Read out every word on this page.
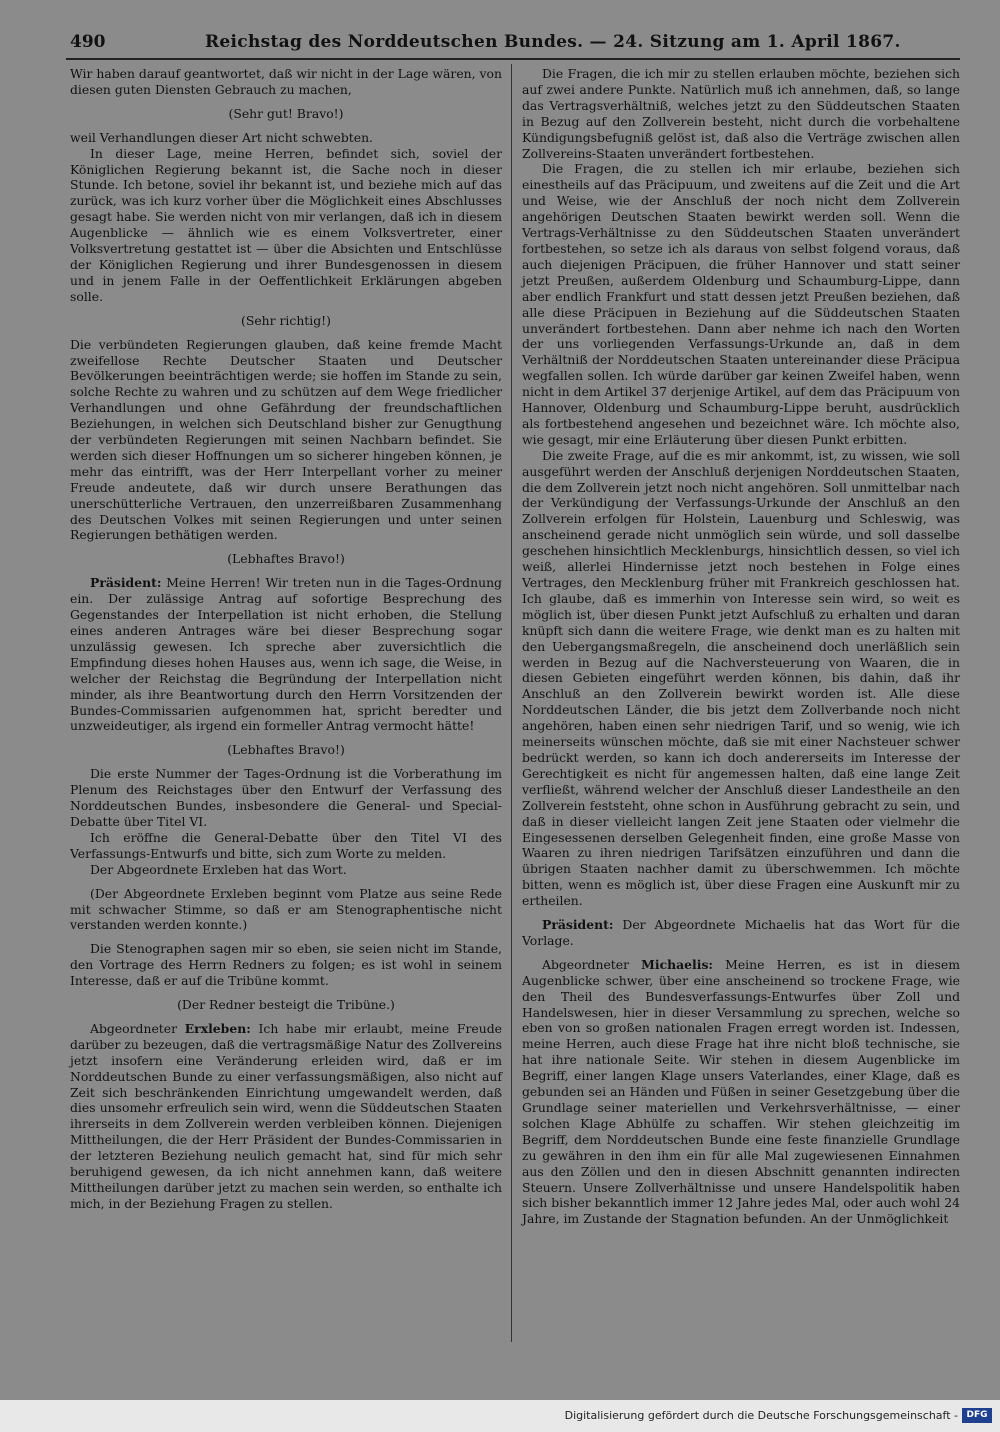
490	Reichstag des Norddeutschen Bundes. — 24. Sitzung am 1. April 1867.

Wir haben darauf geantwortet, daß wir nicht in der Lage wären, von diesen guten Diensten Gebrauch zu machen,

(Sehr gut! Bravo!)

weil Verhandlungen dieser Art nicht schwebten.

In dieser Lage, meine Herren, befindet sich, soviel der Königlichen Regierung bekannt ist, die Sache noch in dieser Stunde. Ich betone, soviel ihr bekannt ist, und beziehe mich auf das zurück, was ich kurz vorher über die Möglichkeit eines Abschlusses gesagt habe. Sie werden nicht von mir verlangen, daß ich in diesem Augenblicke — ähnlich wie es einem Volksvertreter, einer Volksvertretung gestattet ist — über die Absichten und Entschlüsse der Königlichen Regierung und ihrer Bundesgenossen in diesem und in jenem Falle in der Oeffentlichkeit Erklärungen abgeben solle.

(Sehr richtig!)

Die verbündeten Regierungen glauben, daß keine fremde Macht zweifellose Rechte Deutscher Staaten und Deutscher Bevölkerungen beeinträchtigen werde; sie hoffen im Stande zu sein, solche Rechte zu wahren und zu schützen auf dem Wege friedlicher Verhandlungen und ohne Gefährdung der freundschaftlichen Beziehungen, in welchen sich Deutschland bisher zur Genugthung der verbündeten Regierungen mit seinen Nachbarn befindet. Sie werden sich dieser Hoffnungen um so sicherer hingeben können, je mehr das eintrifft, was der Herr Interpellant vorher zu meiner Freude andeutete, daß wir durch unsere Berathungen das unerschütterliche Vertrauen, den unzerreißbaren Zusammenhang des Deutschen Volkes mit seinen Regierungen und unter seinen Regierungen bethätigen werden.

(Lebhaftes Bravo!)

Präsident: Meine Herren! Wir treten nun in die Tages-Ordnung ein. Der zulässige Antrag auf sofortige Besprechung des Gegenstandes der Interpellation ist nicht erhoben, die Stellung eines anderen Antrages wäre bei dieser Besprechung sogar unzulässig gewesen. Ich spreche aber zuversichtlich die Empfindung dieses hohen Hauses aus, wenn ich sage, die Weise, in welcher der Reichstag die Begründung der Interpellation nicht minder, als ihre Beantwortung durch den Herrn Vorsitzenden der Bundes-Commissarien aufgenommen hat, spricht beredter und unzweideutiger, als irgend ein formeller Antrag vermocht hätte!

(Lebhaftes Bravo!)

Die erste Nummer der Tages-Ordnung ist die Vorberathung im Plenum des Reichstages über den Entwurf der Verfassung des Norddeutschen Bundes, insbesondere die General- und Special-Debatte über Titel VI.

Ich eröffne die General-Debatte über den Titel VI des Verfassungs-Entwurfs und bitte, sich zum Worte zu melden.

Der Abgeordnete Erxleben hat das Wort.

(Der Abgeordnete Erxleben beginnt vom Platze aus seine Rede mit schwacher Stimme, so daß er am Stenographentische nicht verstanden werden konnte.)

Die Stenographen sagen mir so eben, sie seien nicht im Stande, den Vortrage des Herrn Redners zu folgen; es ist wohl in seinem Interesse, daß er auf die Tribüne kommt.

(Der Redner besteigt die Tribüne.)

Abgeordneter Erxleben: Ich habe mir erlaubt, meine Freude darüber zu bezeugen, daß die vertragsmäßige Natur des Zollvereins jetzt insofern eine Veränderung erleiden wird, daß er im Norddeutschen Bunde zu einer verfassungsmäßigen, also nicht auf Zeit sich beschränkenden Einrichtung umgewandelt werden, daß dies unsomehr erfreulich sein wird, wenn die Süddeutschen Staaten ihrerseits in dem Zollverein werden verbleiben können. Diejenigen Mittheilungen, die der Herr Präsident der Bundes-Commissarien in der letzteren Beziehung neulich gemacht hat, sind für mich sehr beruhigend gewesen, da ich nicht annehmen kann, daß weitere Mittheilungen darüber jetzt zu machen sein werden, so enthalte ich mich, in der Beziehung Fragen zu stellen.

Die Fragen, die ich mir zu stellen erlauben möchte, beziehen sich auf zwei andere Punkte. Natürlich muß ich annehmen, daß, so lange das Vertragsverhältniß, welches jetzt zu den Süddeutschen Staaten in Bezug auf den Zollverein besteht, nicht durch die vorbehaltene Kündigungsbefugniß gelöst ist, daß also die Verträge zwischen allen Zollvereins-Staaten unverändert fortbestehen.

Die Fragen, die zu stellen ich mir erlaube, beziehen sich einestheils auf das Präcipuum, und zweitens auf die Zeit und die Art und Weise, wie der Anschluß der noch nicht dem Zollverein angehörigen Deutschen Staaten bewirkt werden soll. Wenn die Vertrags-Verhältnisse zu den Süddeutschen Staaten unverändert fortbestehen, so setze ich als daraus von selbst folgend voraus, daß auch diejenigen Präcipuen, die früher Hannover und statt seiner jetzt Preußen, außerdem Oldenburg und Schaumburg-Lippe, dann aber endlich Frankfurt und statt dessen jetzt Preußen beziehen, daß alle diese Präcipuen in Beziehung auf die Süddeutschen Staaten unverändert fortbestehen. Dann aber nehme ich nach den Worten der uns vorliegenden Verfassungs-Urkunde an, daß in dem Verhältniß der Norddeutschen Staaten untereinander diese Präcipua wegfallen sollen. Ich würde darüber gar keinen Zweifel haben, wenn nicht in dem Artikel 37 derjenige Artikel, auf dem das Präcipuum von Hannover, Oldenburg und Schaumburg-Lippe beruht, ausdrücklich als fortbestehend angesehen und bezeichnet wäre. Ich möchte also, wie gesagt, mir eine Erläuterung über diesen Punkt erbitten.

Die zweite Frage, auf die es mir ankommt, ist, zu wissen, wie soll ausgeführt werden der Anschluß derjenigen Norddeutschen Staaten, die dem Zollverein jetzt noch nicht angehören. Soll unmittelbar nach der Verkündigung der Verfassungs-Urkunde der Anschluß an den Zollverein erfolgen für Holstein, Lauenburg und Schleswig, was anscheinend gerade nicht unmöglich sein würde, und soll dasselbe geschehen hinsichtlich Mecklenburgs, hinsichtlich dessen, so viel ich weiß, allerlei Hindernisse jetzt noch bestehen in Folge eines Vertrages, den Mecklenburg früher mit Frankreich geschlossen hat. Ich glaube, daß es immerhin von Interesse sein wird, so weit es möglich ist, über diesen Punkt jetzt Aufschluß zu erhalten und daran knüpft sich dann die weitere Frage, wie denkt man es zu halten mit den Uebergangsmaßregeln, die anscheinend doch unerläßlich sein werden in Bezug auf die Nachversteuerung von Waaren, die in diesen Gebieten eingeführt werden können, bis dahin, daß ihr Anschluß an den Zollverein bewirkt worden ist. Alle diese Norddeutschen Länder, die bis jetzt dem Zollverbande noch nicht angehören, haben einen sehr niedrigen Tarif, und so wenig, wie ich meinerseits wünschen möchte, daß sie mit einer Nachsteuer schwer bedrückt werden, so kann ich doch andererseits im Interesse der Gerechtigkeit es nicht für angemessen halten, daß eine lange Zeit verfließt, während welcher der Anschluß dieser Landestheile an den Zollverein feststeht, ohne schon in Ausführung gebracht zu sein, und daß in dieser vielleicht langen Zeit jene Staaten oder vielmehr die Eingesessenen derselben Gelegenheit finden, eine große Masse von Waaren zu ihren niedrigen Tarifsätzen einzuführen und dann die übrigen Staaten nachher damit zu überschwemmen. Ich möchte bitten, wenn es möglich ist, über diese Fragen eine Auskunft mir zu ertheilen.

Präsident: Der Abgeordnete Michaelis hat das Wort für die Vorlage.

Abgeordneter Michaelis: Meine Herren, es ist in diesem Augenblicke schwer, über eine anscheinend so trockene Frage, wie den Theil des Bundesverfassungs-Entwurfes über Zoll und Handelswesen, hier in dieser Versammlung zu sprechen, welche so eben von so großen nationalen Fragen erregt worden ist. Indessen, meine Herren, auch diese Frage hat ihre nicht bloß technische, sie hat ihre nationale Seite. Wir stehen in diesem Augenblicke im Begriff, einer langen Klage unsers Vaterlandes, einer Klage, daß es gebunden sei an Händen und Füßen in seiner Gesetzgebung über die Grundlage seiner materiellen und Verkehrsverhältnisse, — einer solchen Klage Abhülfe zu schaffen. Wir stehen gleichzeitig im Begriff, dem Norddeutschen Bunde eine feste finanzielle Grundlage zu gewähren in den ihm ein für alle Mal zugewiesenen Einnahmen aus den Zöllen und den in diesen Abschnitt genannten indirecten Steuern. Unsere Zollverhältnisse und unsere Handelspolitik haben sich bisher bekanntlich immer 12 Jahre jedes Mal, oder auch wohl 24 Jahre, im Zustande der Stagnation befunden. An der Unmöglichkeit

Digitalisierung gefördert durch die Deutsche Forschungsgemeinschaft - DFG
